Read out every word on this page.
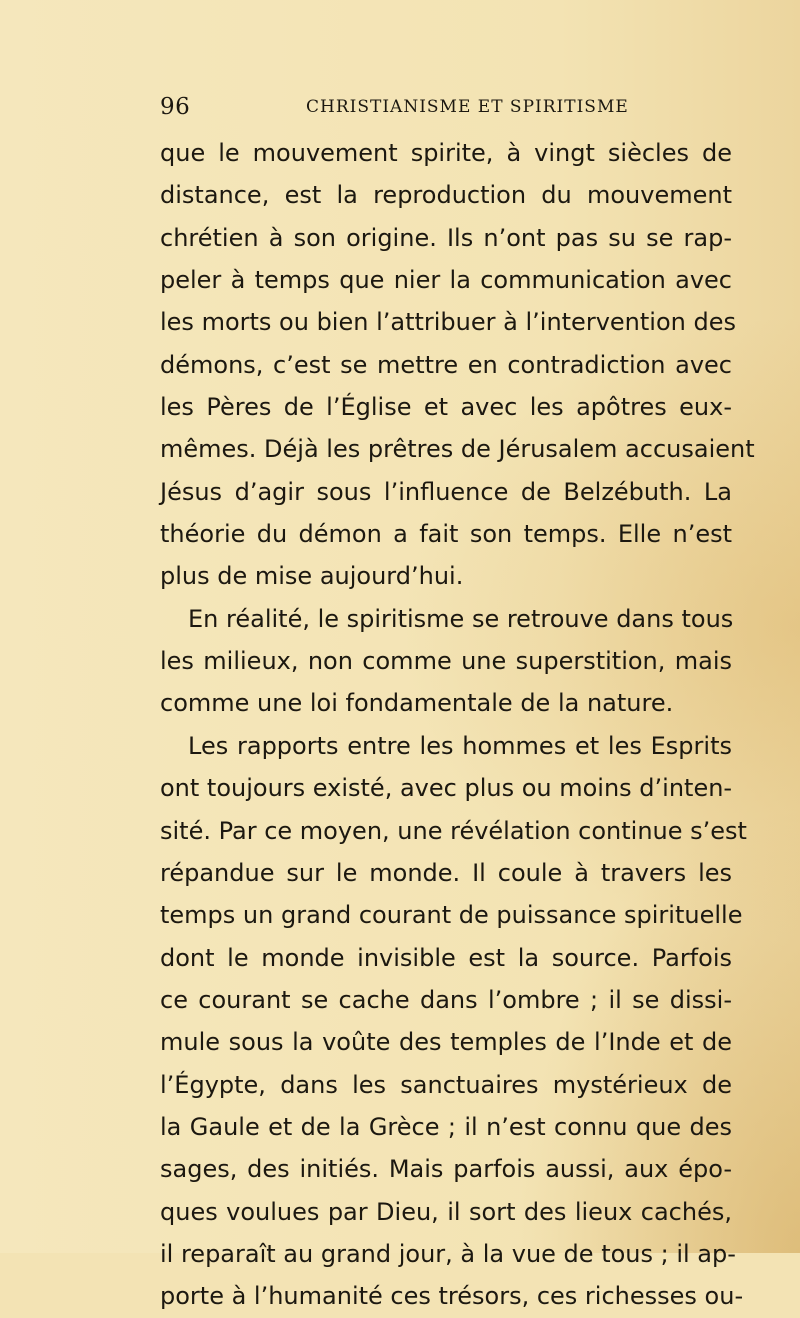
96	CHRISTIANISME ET SPIRITISME
que le mouvement spirite, à vingt siècles de
distance, est la reproduction du mouvement
chrétien à son origine. Ils n’ont pas su se rap-
peler à temps que nier la communication avec
les morts ou bien l’attribuer à l’intervention des
démons, c’est se mettre en contradiction avec
les Pères de l’Église et avec les apôtres eux-
mêmes. Déjà les prêtres de Jérusalem accusaient
Jésus d’agir sous l’influence de Belzébuth. La
théorie du démon a fait son temps. Elle n’est
plus de mise aujourd’hui.
En réalité, le spiritisme se retrouve dans tous
les milieux, non comme une superstition, mais
comme une loi fondamentale de la nature.
Les rapports entre les hommes et les Esprits
ont toujours existé, avec plus ou moins d’inten-
sité. Par ce moyen, une révélation continue s’est
répandue sur le monde. Il coule à travers les
temps un grand courant de puissance spirituelle
dont le monde invisible est la source. Parfois
ce courant se cache dans l’ombre ; il se dissi-
mule sous la voûte des temples de l’Inde et de
l’Égypte, dans les sanctuaires mystérieux de
la Gaule et de la Grèce ; il n’est connu que des
sages, des initiés. Mais parfois aussi, aux épo-
ques voulues par Dieu, il sort des lieux cachés,
il reparaît au grand jour, à la vue de tous ; il ap-
porte à l’humanité ces trésors, ces richesses ou-
